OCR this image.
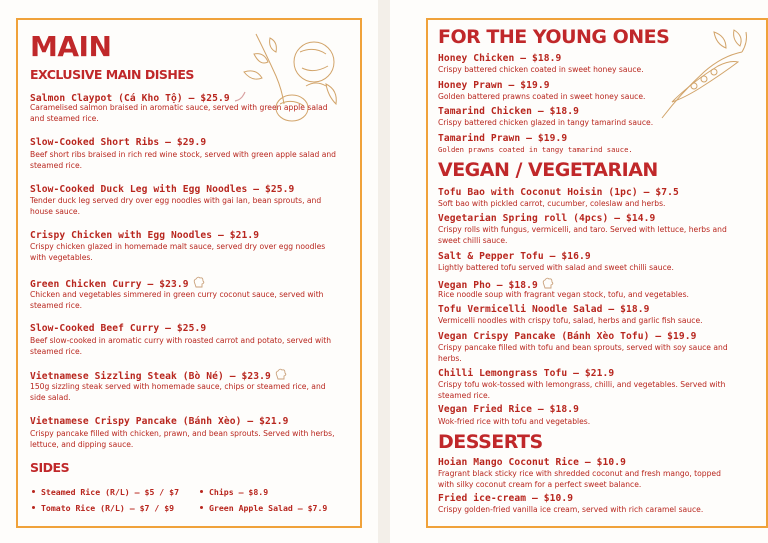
MAIN
EXCLUSIVE MAIN DISHES
Salmon Claypot (Cá Kho Tộ) – $25.9
Caramelised salmon braised in aromatic sauce, served with green apple salad and steamed rice.
Slow-Cooked Short Ribs – $29.9
Beef short ribs braised in rich red wine stock, served with green apple salad and steamed rice.
Slow-Cooked Duck Leg with Egg Noodles – $25.9
Tender duck leg served dry over egg noodles with gai lan, bean sprouts, and house sauce.
Crispy Chicken with Egg Noodles – $21.9
Crispy chicken glazed in homemade malt sauce, served dry over egg noodles with vegetables.
Green Chicken Curry – $23.9
Chicken and vegetables simmered in green curry coconut sauce, served with steamed rice.
Slow-Cooked Beef Curry – $25.9
Beef slow-cooked in aromatic curry with roasted carrot and potato, served with steamed rice.
Vietnamese Sizzling Steak (Bò Né) – $23.9
150g sizzling steak served with homemade sauce, chips or steamed rice, and side salad.
Vietnamese Crispy Pancake (Bánh Xèo) – $21.9
Crispy pancake filled with chicken, prawn, and bean sprouts. Served with herbs, lettuce, and dipping sauce.
SIDES
Steamed Rice (R/L) – $5 / $7	Chips – $8.9
Tomato Rice (R/L) – $7 / $9	Green Apple Salad – $7.9
FOR THE YOUNG ONES
Honey Chicken – $18.9
Crispy battered chicken coated in sweet honey sauce.
Honey Prawn – $19.9
Golden battered prawns coated in sweet honey sauce.
Tamarind Chicken – $18.9
Crispy battered chicken glazed in tangy tamarind sauce.
Tamarind Prawn – $19.9
Golden prawns coated in tangy tamarind sauce.
VEGAN / VEGETARIAN
Tofu Bao with Coconut Hoisin (1pc) – $7.5
Soft bao with pickled carrot, cucumber, coleslaw and herbs.
Vegetarian Spring roll (4pcs) – $14.9
Crispy rolls with fungus, vermicelli, and taro. Served with lettuce, herbs and sweet chilli sauce.
Salt & Pepper Tofu – $16.9
Lightly battered tofu served with salad and sweet chilli sauce.
Vegan Pho – $18.9
Rice noodle soup with fragrant vegan stock, tofu, and vegetables.
Tofu Vermicelli Noodle Salad – $18.9
Vermicelli noodles with crispy tofu, salad, herbs and garlic fish sauce.
Vegan Crispy Pancake (Bánh Xèo Tofu) – $19.9
Crispy pancake filled with tofu and bean sprouts, served with soy sauce and herbs.
Chilli Lemongrass Tofu – $21.9
Crispy tofu wok-tossed with lemongrass, chilli, and vegetables. Served with steamed rice.
Vegan Fried Rice – $18.9
Wok-fried rice with tofu and vegetables.
DESSERTS
Hoian Mango Coconut Rice – $10.9
Fragrant black sticky rice with shredded coconut and fresh mango, topped with silky coconut cream for a perfect sweet balance.
Fried ice-cream – $10.9
Crispy golden-fried vanilla ice cream, served with rich caramel sauce.
